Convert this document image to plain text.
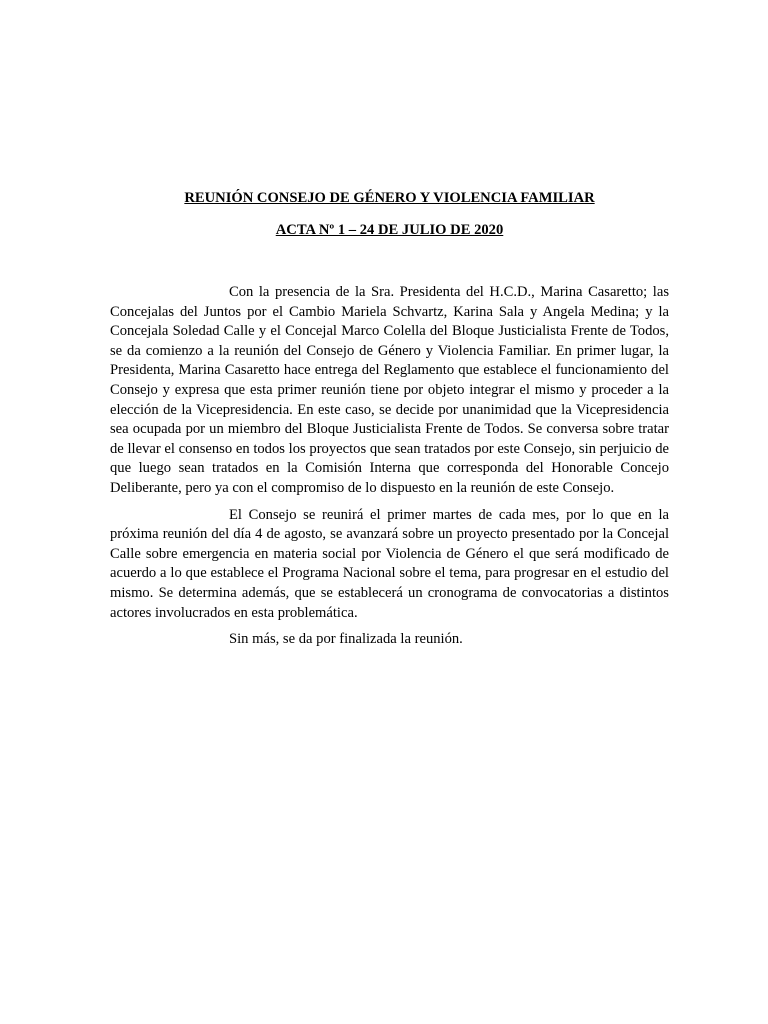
REUNIÓN CONSEJO DE GÉNERO Y VIOLENCIA FAMILIAR
ACTA Nº 1 – 24 DE JULIO DE 2020

Con la presencia de la Sra. Presidenta del H.C.D., Marina Casaretto; las Concejalas del Juntos por el Cambio Mariela Schvartz, Karina Sala y Angela Medina; y la Concejala Soledad Calle y el Concejal Marco Colella del Bloque Justicialista Frente de Todos, se da comienzo a la reunión del Consejo de Género y Violencia Familiar. En primer lugar, la Presidenta, Marina Casaretto hace entrega del Reglamento que establece el funcionamiento del Consejo y expresa que esta primer reunión tiene por objeto integrar el mismo y proceder a la elección de la Vicepresidencia. En este caso, se decide por unanimidad que la Vicepresidencia sea ocupada por un miembro del Bloque Justicialista Frente de Todos. Se conversa sobre tratar de llevar el consenso en todos los proyectos que sean tratados por este Consejo, sin perjuicio de que luego sean tratados en la Comisión Interna que corresponda del Honorable Concejo Deliberante, pero ya con el compromiso de lo dispuesto en la reunión de este Consejo.

El Consejo se reunirá el primer martes de cada mes, por lo que en la próxima reunión del día 4 de agosto, se avanzará sobre un proyecto presentado por la Concejal Calle sobre emergencia en materia social por Violencia de Género el que será modificado de acuerdo a lo que establece el Programa Nacional sobre el tema, para progresar en el estudio del mismo. Se determina además, que se establecerá un cronograma de convocatorias a distintos actores involucrados en esta problemática.

Sin más, se da por finalizada la reunión.
